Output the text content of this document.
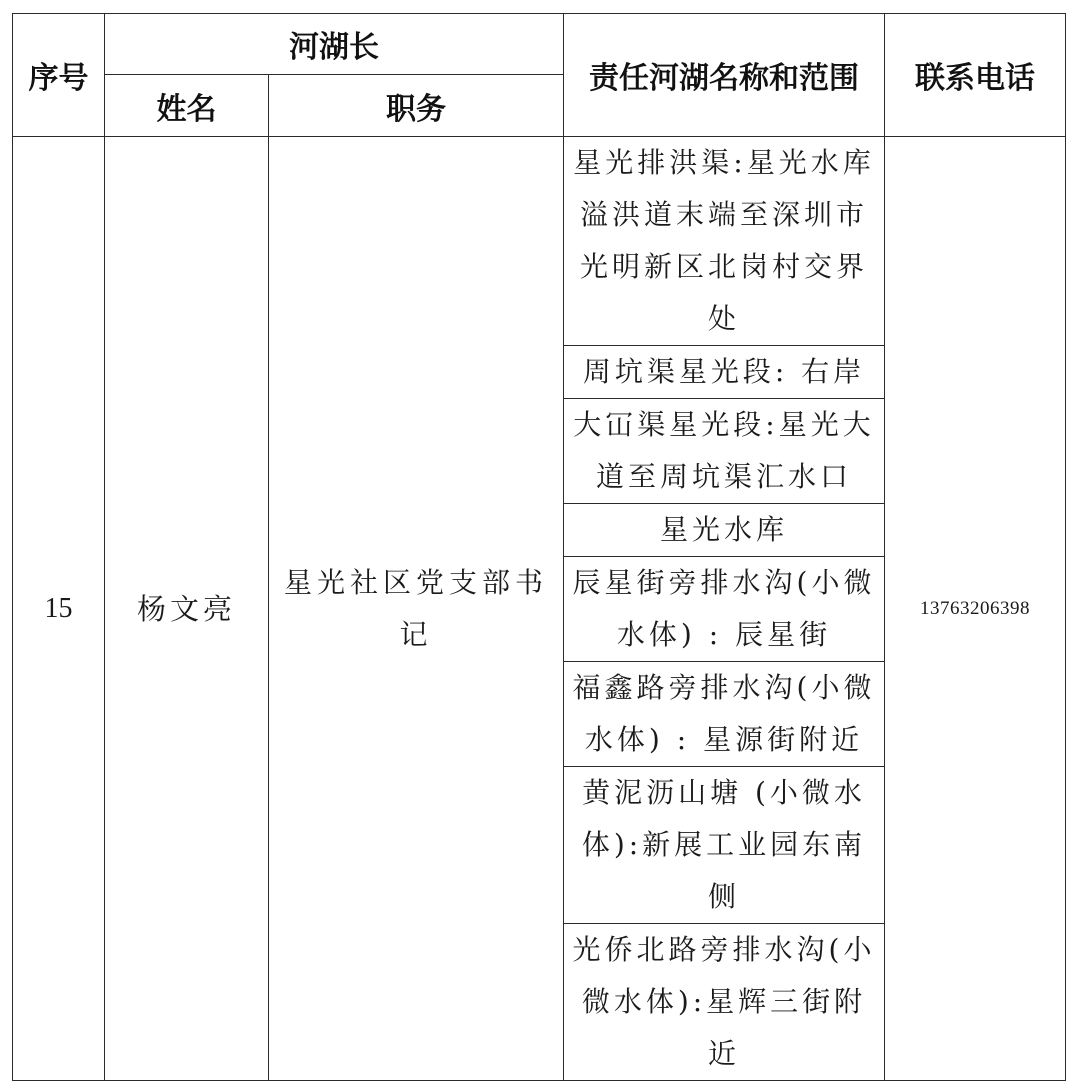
序号	河湖长		责任河湖名称和范围	联系电话
	姓名	职务		
15	杨文亮	星光社区党支部书记	星光排洪渠:星光水库溢洪道末端至深圳市光明新区北岗村交界处	13763206398
			周坑渠星光段: 右岸	
			大冚渠星光段:星光大道至周坑渠汇水口	
			星光水库	
			辰星街旁排水沟(小微水体) : 辰星街	
			福鑫路旁排水沟(小微水体) : 星源街附近	
			黄泥沥山塘 (小微水体):新展工业园东南侧	
			光侨北路旁排水沟(小微水体):星辉三街附近	
